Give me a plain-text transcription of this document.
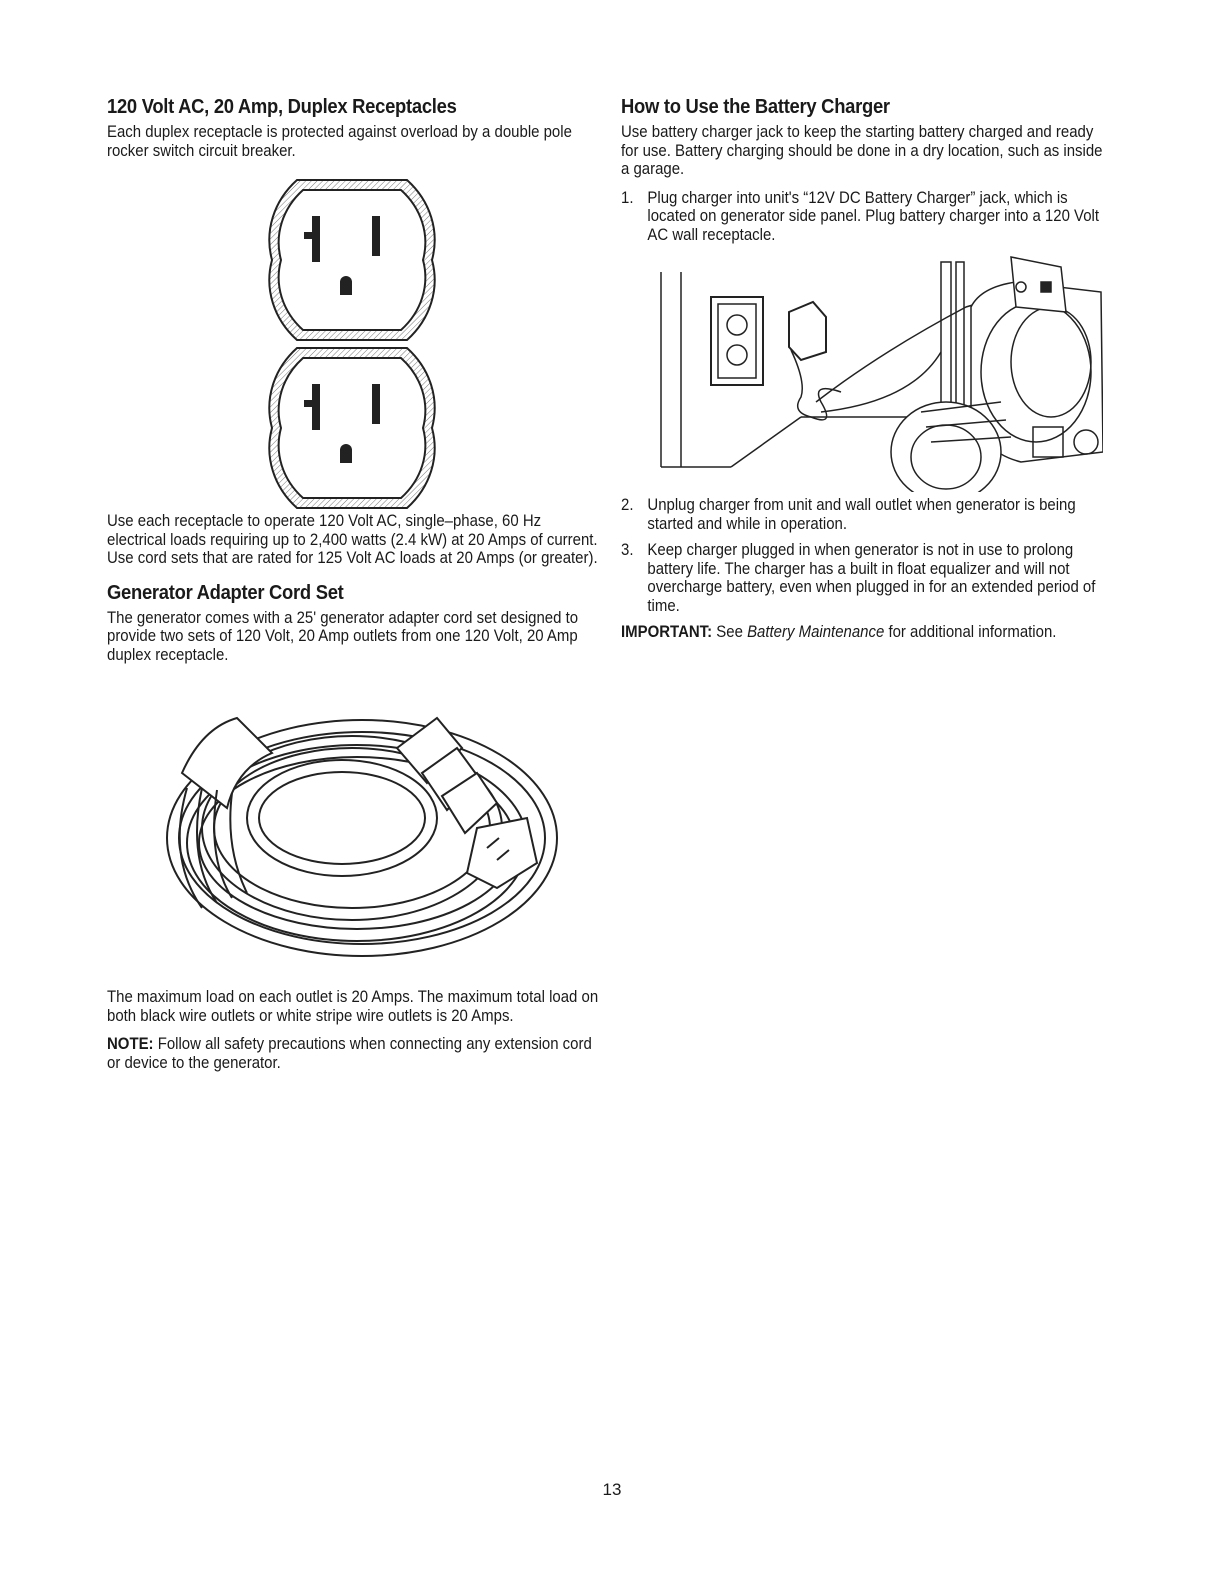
120 Volt AC, 20 Amp, Duplex Receptacles

Each duplex receptacle is protected against overload by a double pole rocker switch circuit breaker.

Use each receptacle to operate 120 Volt AC, single–phase, 60 Hz electrical loads requiring up to 2,400 watts (2.4 kW) at 20 Amps of current. Use cord sets that are rated for 125 Volt AC loads at 20 Amps (or greater).

Generator Adapter Cord Set

The generator comes with a 25' generator adapter cord set designed to provide two sets of 120 Volt, 20 Amp outlets from one 120 Volt, 20 Amp duplex receptacle.

The maximum load on each outlet is 20 Amps. The maximum total load on both black wire outlets or white stripe wire outlets is 20 Amps.

NOTE: Follow all safety precautions when connecting any extension cord or device to the generator.

How to Use the Battery Charger

Use battery charger jack to keep the starting battery charged and ready for use. Battery charging should be done in a dry location, such as inside a garage.

1. Plug charger into unit's “12V DC Battery Charger” jack, which is located on generator side panel. Plug battery charger into a 120 Volt AC wall receptacle.
2. Unplug charger from unit and wall outlet when generator is being started and while in operation.
3. Keep charger plugged in when generator is not in use to prolong battery life. The charger has a built in float equalizer and will not overcharge battery, even when plugged in for an extended period of time.

IMPORTANT: See Battery Maintenance for additional information.

13
